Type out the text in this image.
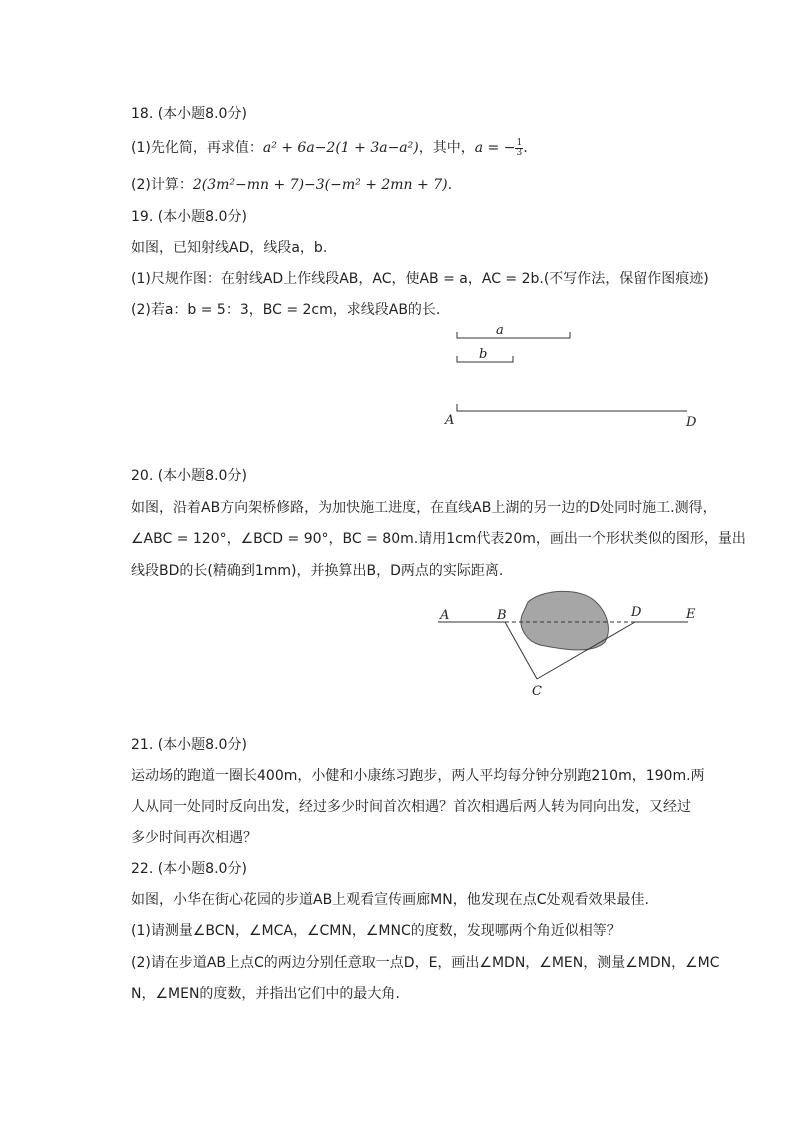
18. (本小题8.0分)
(1)先化简，再求值：a² + 6a−2(1 + 3a−a²)，其中，a = − $\frac{1}{3}$ .
(2)计算：2(3m²−mn + 7)−3(−m² + 2mn + 7).
19. (本小题8.0分)
如图，已知射线AD，线段a，b.
(1)尺规作图：在射线AD上作线段AB，AC，使AB = a，AC = 2b.(不写作法，保留作图痕迹)
(2)若a：b = 5：3，BC = 2cm，求线段AB的长.
a
b
A	D
20. (本小题8.0分)
如图，沿着AB方向架桥修路，为加快施工进度，在直线AB上湖的另一边的D处同时施工.测得，
∠ABC = 120°，∠BCD = 90°，BC = 80m.请用1cm代表20m，画出一个形状类似的图形，量出
线段BD的长(精确到1mm)，并换算出B，D两点的实际距离.
A	B	D	E
C
21. (本小题8.0分)
运动场的跑道一圈长400m，小健和小康练习跑步，两人平均每分钟分别跑210m，190m.两
人从同一处同时反向出发，经过多少时间首次相遇？首次相遇后两人转为同向出发，又经过
多少时间再次相遇？
22. (本小题8.0分)
如图，小华在街心花园的步道AB上观看宣传画廊MN，他发现在点C处观看效果最佳.
(1)请测量∠BCN，∠MCA，∠CMN，∠MNC的度数，发现哪两个角近似相等？
(2)请在步道AB上点C的两边分别任意取一点D，E，画出∠MDN，∠MEN，测量∠MDN，∠MC
N，∠MEN的度数，并指出它们中的最大角.
